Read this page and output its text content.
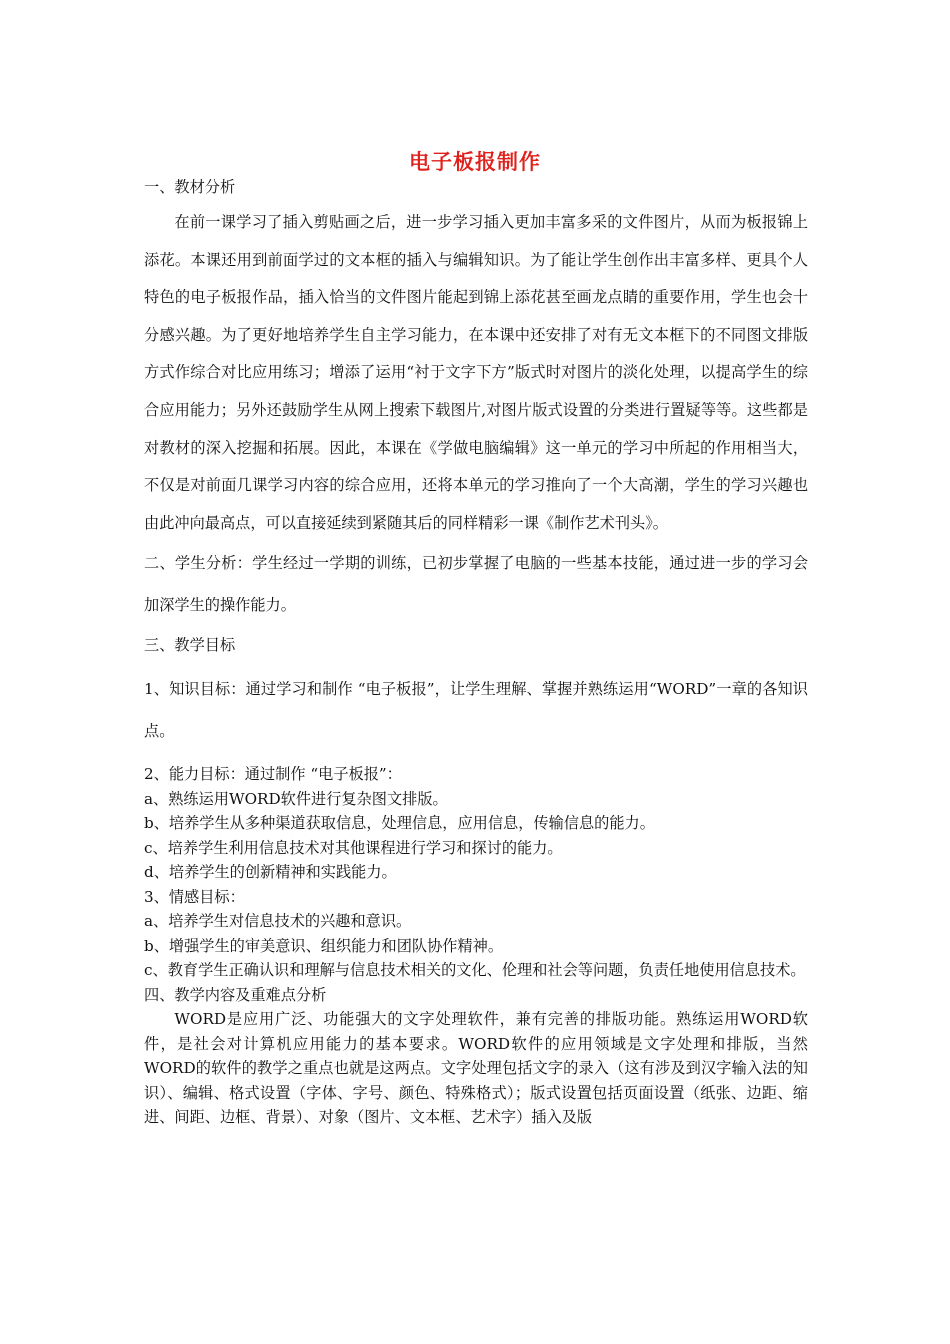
电子板报制作

一、教材分析

在前一课学习了插入剪贴画之后，进一步学习插入更加丰富多采的文件图片，从而为板报锦上添花。本课还用到前面学过的文本框的插入与编辑知识。为了能让学生创作出丰富多样、更具个人特色的电子板报作品，插入恰当的文件图片能起到锦上添花甚至画龙点睛的重要作用，学生也会十分感兴趣。为了更好地培养学生自主学习能力，在本课中还安排了对有无文本框下的不同图文排版方式作综合对比应用练习；增添了运用“衬于文字下方”版式时对图片的淡化处理，以提高学生的综合应用能力；另外还鼓励学生从网上搜索下载图片,对图片版式设置的分类进行置疑等等。这些都是对教材的深入挖掘和拓展。因此，本课在《学做电脑编辑》这一单元的学习中所起的作用相当大，不仅是对前面几课学习内容的综合应用，还将本单元的学习推向了一个大高潮，学生的学习兴趣也由此冲向最高点，可以直接延续到紧随其后的同样精彩一课《制作艺术刊头》。

二、学生分析：学生经过一学期的训练，已初步掌握了电脑的一些基本技能，通过进一步的学习会加深学生的操作能力。

三、教学目标

1、知识目标：通过学习和制作 “电子板报”，让学生理解、掌握并熟练运用“WORD”一章的各知识点。

2、能力目标：通过制作 “电子板报”：

a、熟练运用WORD软件进行复杂图文排版。

b、培养学生从多种渠道获取信息，处理信息，应用信息，传输信息的能力。

c、培养学生利用信息技术对其他课程进行学习和探讨的能力。

d、培养学生的创新精神和实践能力。

3、情感目标：

a、培养学生对信息技术的兴趣和意识。

b、增强学生的审美意识、组织能力和团队协作精神。

c、教育学生正确认识和理解与信息技术相关的文化、伦理和社会等问题，负责任地使用信息技术。

四、教学内容及重难点分析

WORD是应用广泛、功能强大的文字处理软件，兼有完善的排版功能。熟练运用WORD软件，是社会对计算机应用能力的基本要求。WORD软件的应用领域是文字处理和排版，当然WORD的软件的教学之重点也就是这两点。文字处理包括文字的录入（这有涉及到汉字输入法的知识）、编辑、格式设置（字体、字号、颜色、特殊格式）；版式设置包括页面设置（纸张、边距、缩进、间距、边框、背景）、对象（图片、文本框、艺术字）插入及版
